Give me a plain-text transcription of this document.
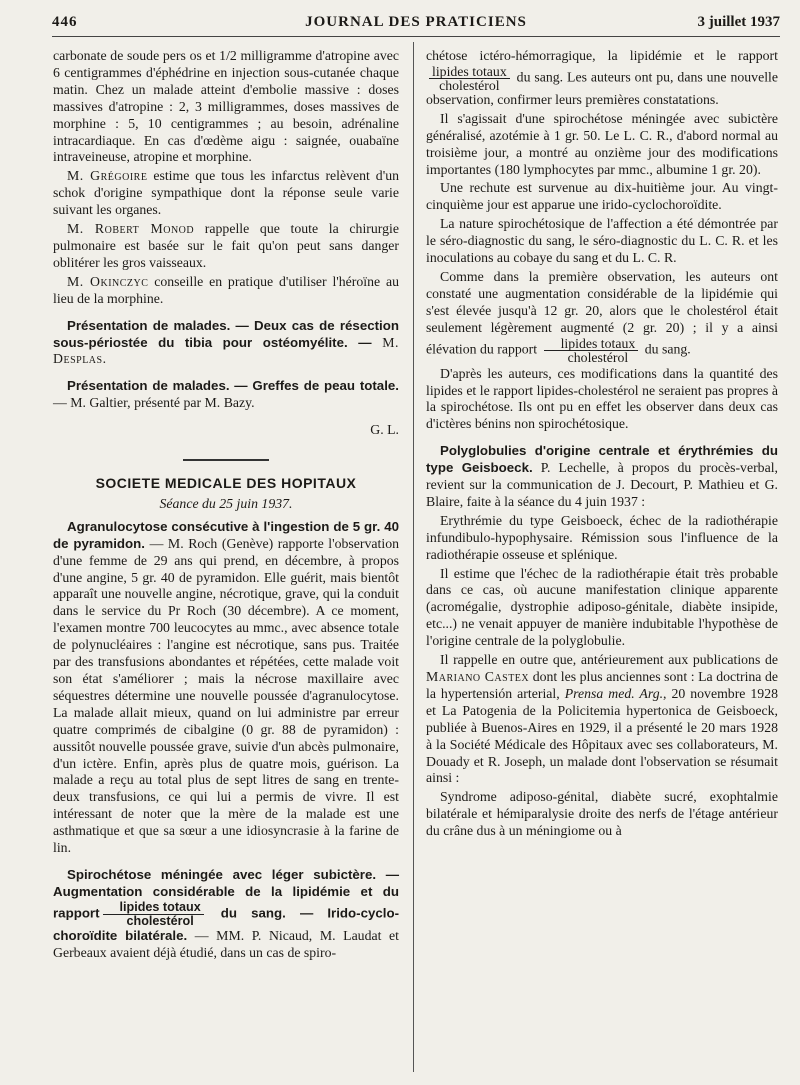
446	JOURNAL DES PRATICIENS	3 juillet 1937

carbonate de soude pers os et 1/2 milligramme d'atropine avec 6 centigrammes d'éphédrine en injection sous-cutanée chaque matin. Chez un malade atteint d'embolie massive : doses massives d'atropine : 2, 3 milligrammes, doses massives de morphine : 5, 10 centigrammes ; au besoin, adrénaline intracardiaque. En cas d'œdème aigu : saignée, ouabaïne intraveineuse, atropine et morphine.

M. Grégoire estime que tous les infarctus relèvent d'un schok d'origine sympathique dont la réponse seule varie suivant les organes.

M. Robert Monod rappelle que toute la chirurgie pulmonaire est basée sur le fait qu'on peut sans danger oblitérer les gros vaisseaux.

M. Okinczyc conseille en pratique d'utiliser l'héroïne au lieu de la morphine.

Présentation de malades. — Deux cas de résection sous-périostée du tibia pour ostéomyélite. — M. Desplas.

Présentation de malades. — Greffes de peau totale. — M. Galtier, présenté par M. Bazy.

G. L.

SOCIETE MEDICALE DES HOPITAUX
Séance du 25 juin 1937.

Agranulocytose consécutive à l'ingestion de 5 gr. 40 de pyramidon. — M. Roch (Genève) rapporte l'observation d'une femme de 29 ans qui prend, en décembre, à propos d'une angine, 5 gr. 40 de pyramidon. Elle guérit, mais bientôt apparaît une nouvelle angine, nécrotique, grave, qui la conduit dans le service du Pr Roch (30 décembre). A ce moment, l'examen montre 700 leucocytes au mmc., avec absence totale de polynucléaires : l'angine est nécrotique, sans pus. Traitée par des transfusions abondantes et répétées, cette malade voit son état s'améliorer ; mais la nécrose maxillaire avec séquestres détermine une nouvelle poussée d'agranulocytose. La malade allait mieux, quand on lui administre par erreur quatre comprimés de cibalgine (0 gr. 88 de pyramidon) : aussitôt nouvelle poussée grave, suivie d'un abcès pulmonaire, d'un ictère. Enfin, après plus de quatre mois, guérison. La malade a reçu au total plus de sept litres de sang en trente-deux transfusions, ce qui lui a permis de vivre. Il est intéressant de noter que la mère de la malade est une asthmatique et que sa sœur a une idiosyncrasie à la farine de lin.

Spirochétose méningée avec léger subictère. — Augmentation considérable de la lipidémie et du rapport $\frac{\text{lipides totaux}}{\text{cholestérol}}$ du sang. — Irido-cyclo-choroïdite bilatérale. — MM. P. Nicaud, M. Laudat et Gerbeaux avaient déjà étudié, dans un cas de spiro-

chétose ictéro-hémorragique, la lipidémie et le rapport
$\frac{\text{lipides totaux}}{\text{cholestérol}}$ du sang. Les auteurs ont pu, dans une nouvelle observation, confirmer leurs premières constatations.

Il s'agissait d'une spirochétose méningée avec subictère généralisé, azotémie à 1 gr. 50. Le L. C. R., d'abord normal au troisième jour, a montré au onzième jour des modifications importantes (180 lymphocytes par mmc., albumine 1 gr. 20).

Une rechute est survenue au dix-huitième jour. Au vingt-cinquième jour est apparue une irido-cyclochoroïdite.

La nature spirochétosique de l'affection a été démontrée par le séro-diagnostic du sang, le séro-diagnostic du L. C. R. et les inoculations au cobaye du sang et du L. C. R.

Comme dans la première observation, les auteurs ont constaté une augmentation considérable de la lipidémie qui s'est élevée jusqu'à 12 gr. 20, alors que le cholestérol était seulement légèrement augmenté (2 gr. 20) ; il y a ainsi élévation du rapport $\frac{\text{lipides totaux}}{\text{cholestérol}}$ du sang.

D'après les auteurs, ces modifications dans la quantité des lipides et le rapport lipides-cholestérol ne seraient pas propres à la spirochétose. Ils ont pu en effet les observer dans deux cas d'ictères bénins non spirochétosique.

Polyglobulies d'origine centrale et érythrémies du type Geisboeck. P. Lechelle, à propos du procès-verbal, revient sur la communication de J. Decourt, P. Mathieu et G. Blaire, faite à la séance du 4 juin 1937 :

Erythrémie du type Geisboeck, échec de la radiothérapie infundibulo-hypophysaire. Rémission sous l'influence de la radiothérapie osseuse et splénique.

Il estime que l'échec de la radiothérapie était très probable dans ce cas, où aucune manifestation clinique apparente (acromégalie, dystrophie adiposo-génitale, diabète insipide, etc...) ne venait appuyer de manière indubitable l'hypothèse de l'origine centrale de la polyglobulie.

Il rappelle en outre que, antérieurement aux publications de Mariano Castex dont les plus anciennes sont : La doctrina de la hypertensión arterial, Prensa med. Arg., 20 novembre 1928 et La Patogenia de la Policitemia hypertonica de Geisboeck, publiée à Buenos-Aires en 1929, il a présenté le 20 mars 1928 à la Société Médicale des Hôpitaux avec ses collaborateurs, M. Douady et R. Joseph, un malade dont l'observation se résumait ainsi :

Syndrome adiposo-génital, diabète sucré, exophtalmie bilatérale et hémiparalysie droite des nerfs de l'étage antérieur du crâne dus à un méningiome ou à
